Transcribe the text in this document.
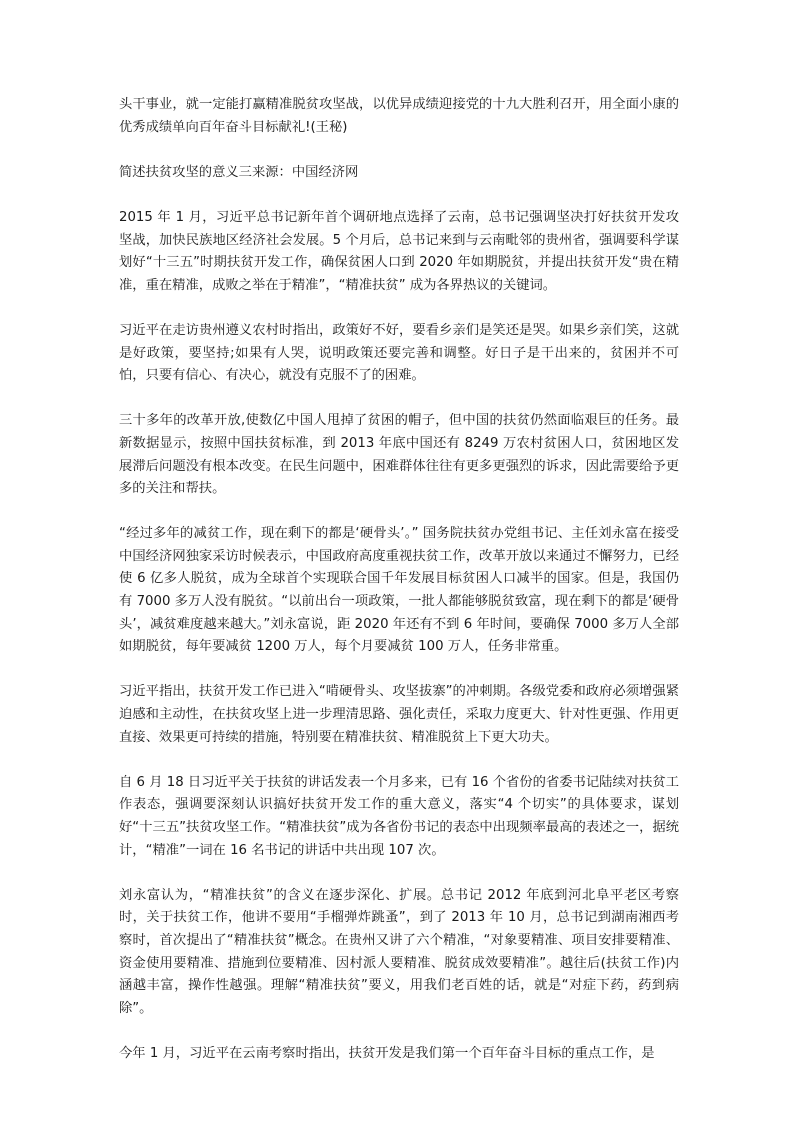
头干事业，就一定能打赢精准脱贫攻坚战，以优异成绩迎接党的十九大胜利召开，用全面小康的优秀成绩单向百年奋斗目标献礼!(王秘)

简述扶贫攻坚的意义三来源：中国经济网

2015 年 1 月，习近平总书记新年首个调研地点选择了云南，总书记强调坚决打好扶贫开发攻坚战，加快民族地区经济社会发展。5 个月后，总书记来到与云南毗邻的贵州省，强调要科学谋划好“十三五”时期扶贫开发工作，确保贫困人口到 2020 年如期脱贫，并提出扶贫开发“贵在精准，重在精准，成败之举在于精准”，“精准扶贫” 成为各界热议的关键词。

习近平在走访贵州遵义农村时指出，政策好不好，要看乡亲们是笑还是哭。如果乡亲们笑，这就是好政策，要坚持;如果有人哭，说明政策还要完善和调整。好日子是干出来的，贫困并不可怕，只要有信心、有决心，就没有克服不了的困难。

三十多年的改革开放,使数亿中国人甩掉了贫困的帽子，但中国的扶贫仍然面临艰巨的任务。最新数据显示，按照中国扶贫标准，到 2013 年底中国还有 8249 万农村贫困人口，贫困地区发展滞后问题没有根本改变。在民生问题中，困难群体往往有更多更强烈的诉求，因此需要给予更多的关注和帮扶。

“经过多年的减贫工作，现在剩下的都是‘硬骨头’。” 国务院扶贫办党组书记、主任刘永富在接受中国经济网独家采访时候表示，中国政府高度重视扶贫工作，改革开放以来通过不懈努力，已经使 6 亿多人脱贫，成为全球首个实现联合国千年发展目标贫困人口减半的国家。但是，我国仍有 7000 多万人没有脱贫。“以前出台一项政策，一批人都能够脱贫致富，现在剩下的都是‘硬骨头’，减贫难度越来越大。”刘永富说，距 2020 年还有不到 6 年时间，要确保 7000 多万人全部如期脱贫，每年要减贫 1200 万人，每个月要减贫 100 万人，任务非常重。

习近平指出，扶贫开发工作已进入“啃硬骨头、攻坚拔寨”的冲刺期。各级党委和政府必须增强紧迫感和主动性，在扶贫攻坚上进一步理清思路、强化责任，采取力度更大、针对性更强、作用更直接、效果更可持续的措施，特别要在精准扶贫、精准脱贫上下更大功夫。

自 6 月 18 日习近平关于扶贫的讲话发表一个月多来，已有 16 个省份的省委书记陆续对扶贫工作表态，强调要深刻认识搞好扶贫开发工作的重大意义，落实“4 个切实”的具体要求，谋划好“十三五”扶贫攻坚工作。“精准扶贫”成为各省份书记的表态中出现频率最高的表述之一，据统计，“精准”一词在 16 名书记的讲话中共出现 107 次。

刘永富认为，“精准扶贫”的含义在逐步深化、扩展。总书记 2012 年底到河北阜平老区考察时，关于扶贫工作，他讲不要用“手榴弹炸跳蚤”，到了 2013 年 10 月，总书记到湖南湘西考察时，首次提出了“精准扶贫”概念。在贵州又讲了六个精准，“对象要精准、项目安排要精准、资金使用要精准、措施到位要精准、因村派人要精准、脱贫成效要精准”。越往后(扶贫工作)内涵越丰富，操作性越强。理解“精准扶贫”要义，用我们老百姓的话，就是“对症下药，药到病除”。

今年 1 月，习近平在云南考察时指出，扶贫开发是我们第一个百年奋斗目标的重点工作，是
